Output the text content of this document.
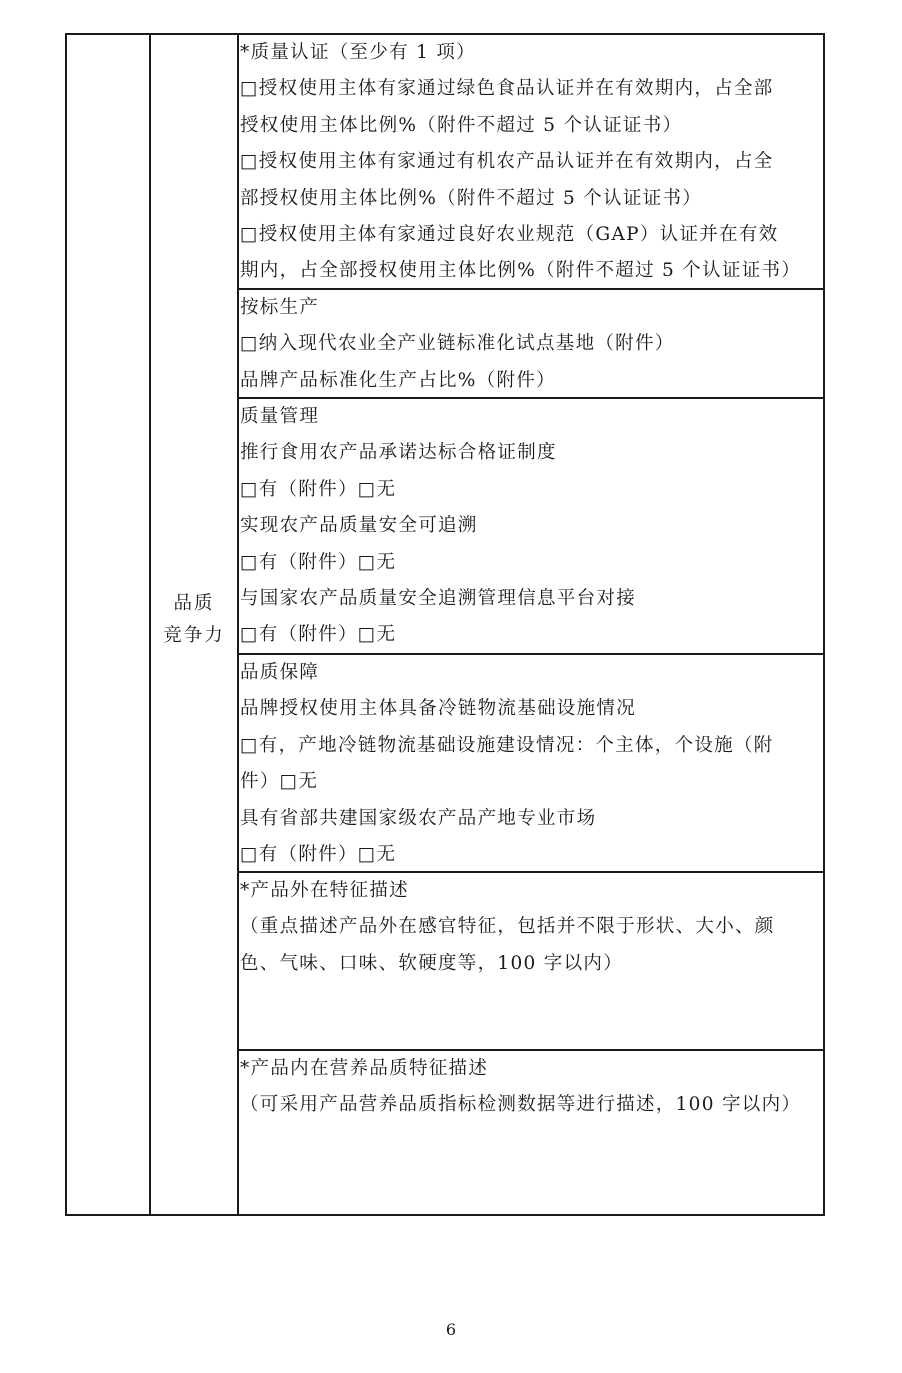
品质
竞争力
*质量认证（至少有 1 项）
□授权使用主体有家通过绿色食品认证并在有效期内，占全部
授权使用主体比例%（附件不超过 5 个认证证书）
□授权使用主体有家通过有机农产品认证并在有效期内，占全
部授权使用主体比例%（附件不超过 5 个认证证书）
□授权使用主体有家通过良好农业规范（GAP）认证并在有效
期内，占全部授权使用主体比例%（附件不超过 5 个认证证书）
按标生产
□纳入现代农业全产业链标准化试点基地（附件）
品牌产品标准化生产占比%（附件）
质量管理
推行食用农产品承诺达标合格证制度
□有（附件）□无
实现农产品质量安全可追溯
□有（附件）□无
与国家农产品质量安全追溯管理信息平台对接
□有（附件）□无
品质保障
品牌授权使用主体具备冷链物流基础设施情况
□有，产地冷链物流基础设施建设情况：个主体，个设施（附
件）□无
具有省部共建国家级农产品产地专业市场
□有（附件）□无
*产品外在特征描述
（重点描述产品外在感官特征，包括并不限于形状、大小、颜
色、气味、口味、软硬度等，100 字以内）
*产品内在营养品质特征描述
（可采用产品营养品质指标检测数据等进行描述，100 字以内）
6
